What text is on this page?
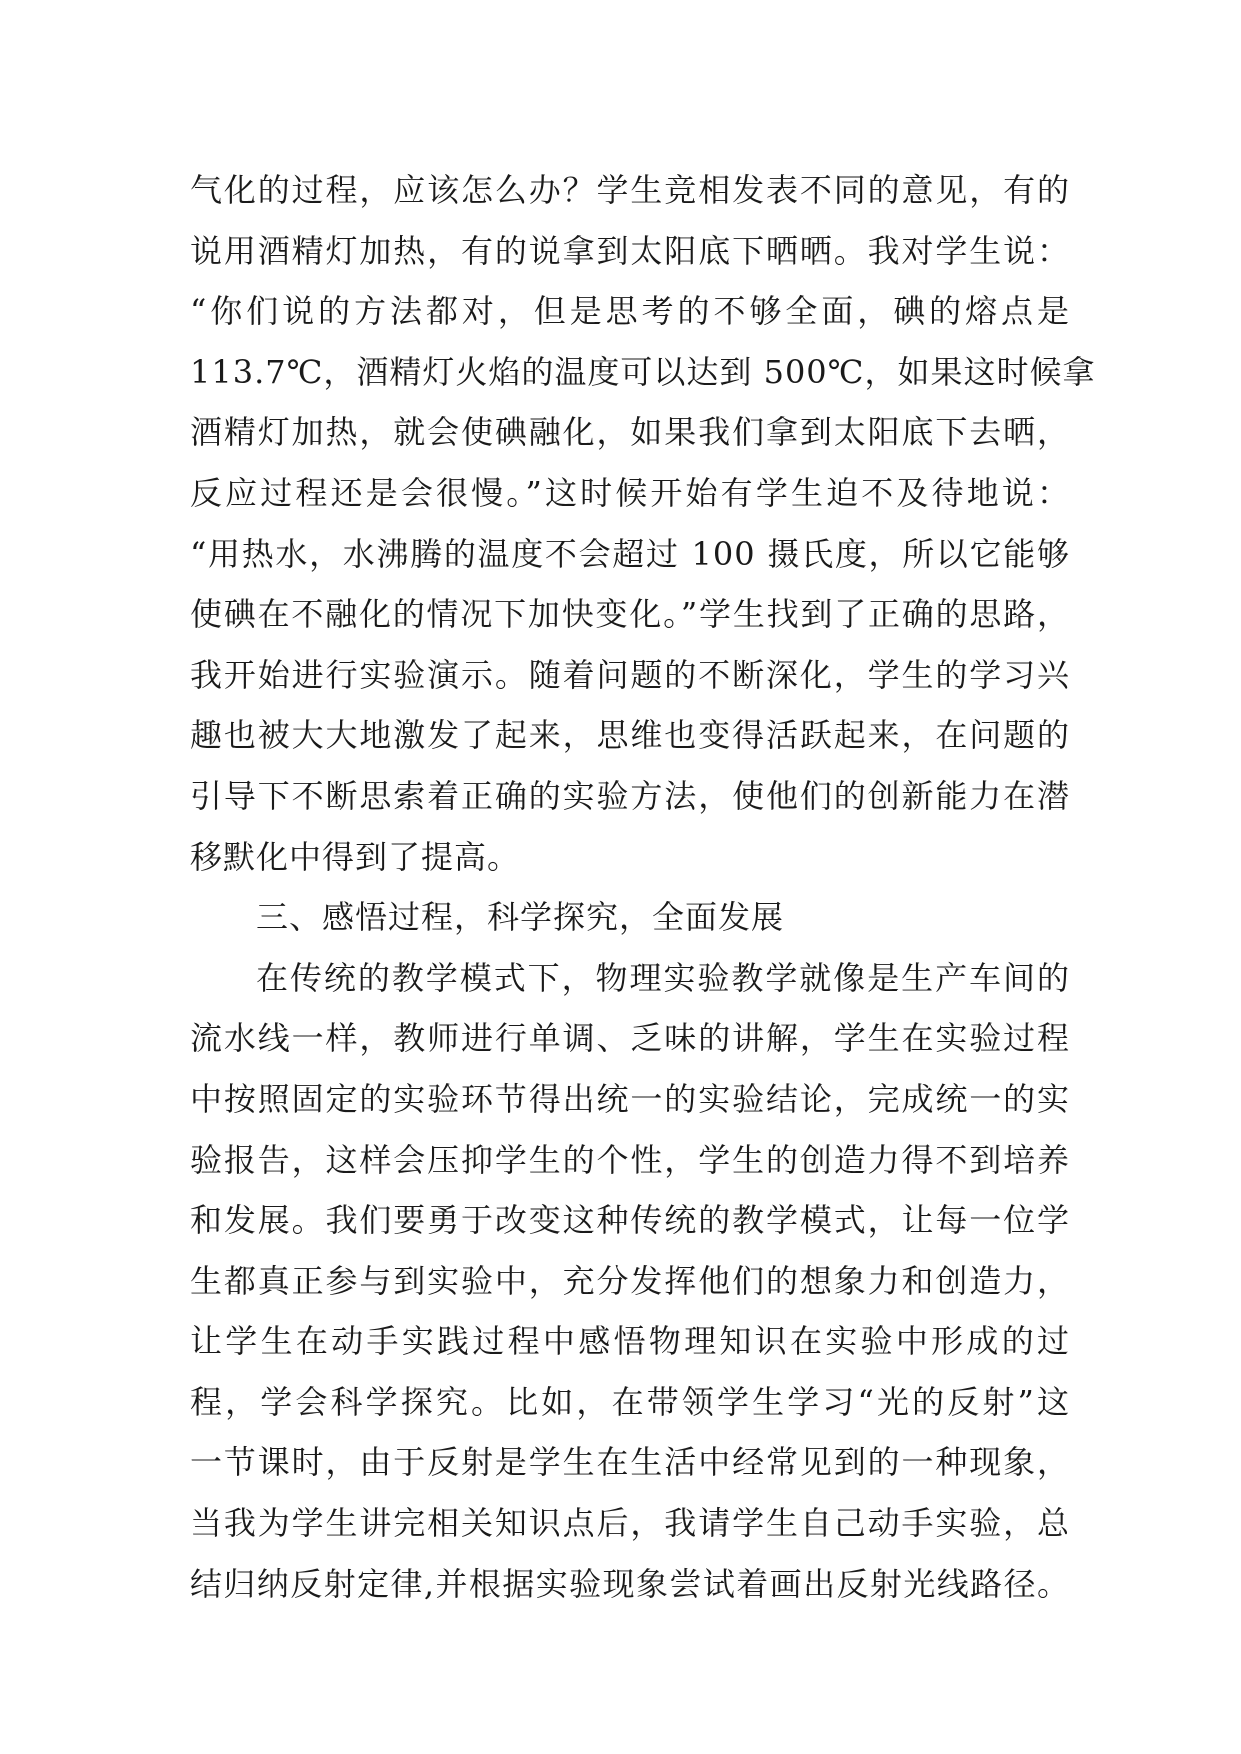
气化的过程，应该怎么办？学生竞相发表不同的意见，有的
说用酒精灯加热，有的说拿到太阳底下晒晒。我对学生说：
“你们说的方法都对，但是思考的不够全面，碘的熔点是
113.7℃，酒精灯火焰的温度可以达到 500℃，如果这时候拿
酒精灯加热，就会使碘融化，如果我们拿到太阳底下去晒，
反应过程还是会很慢。”这时候开始有学生迫不及待地说：
“用热水，水沸腾的温度不会超过 100 摄氏度，所以它能够
使碘在不融化的情况下加快变化。”学生找到了正确的思路，
我开始进行实验演示。随着问题的不断深化，学生的学习兴
趣也被大大地激发了起来，思维也变得活跃起来，在问题的
引导下不断思索着正确的实验方法，使他们的创新能力在潜
移默化中得到了提高。
三、感悟过程，科学探究，全面发展
在传统的教学模式下，物理实验教学就像是生产车间的
流水线一样，教师进行单调、乏味的讲解，学生在实验过程
中按照固定的实验环节得出统一的实验结论，完成统一的实
验报告，这样会压抑学生的个性，学生的创造力得不到培养
和发展。我们要勇于改变这种传统的教学模式，让每一位学
生都真正参与到实验中，充分发挥他们的想象力和创造力，
让学生在动手实践过程中感悟物理知识在实验中形成的过
程，学会科学探究。比如，在带领学生学习“光的反射”这
一节课时，由于反射是学生在生活中经常见到的一种现象，
当我为学生讲完相关知识点后，我请学生自己动手实验，总
结归纳反射定律,并根据实验现象尝试着画出反射光线路径。
